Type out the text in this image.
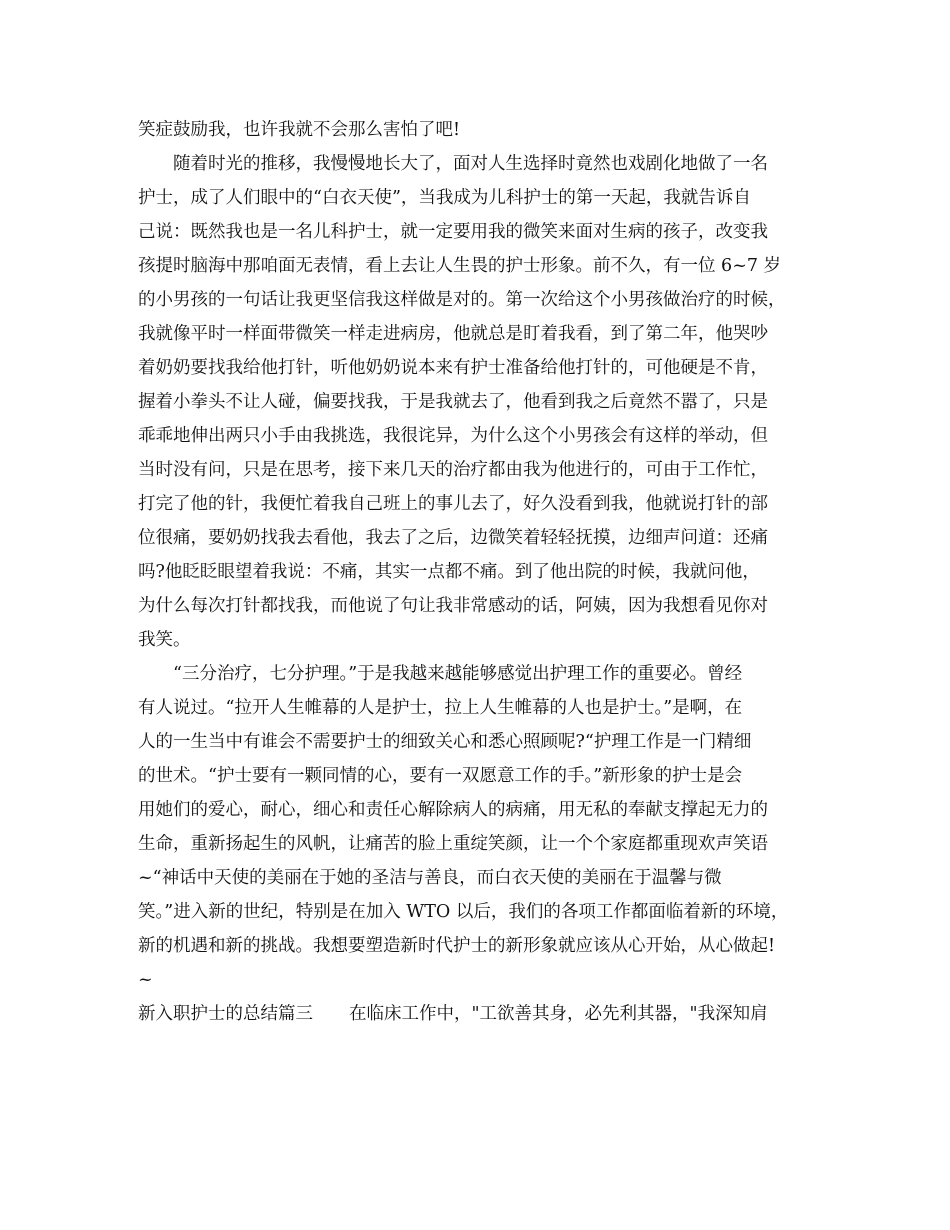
笑症鼓励我，也许我就不会那么害怕了吧!
随着时光的推移，我慢慢地长大了，面对人生选择时竟然也戏剧化地做了一名
护士，成了人们眼中的“白衣天使”，当我成为儿科护士的第一天起，我就告诉自
己说：既然我也是一名儿科护士，就一定要用我的微笑来面对生病的孩子，改变我
孩提时脑海中那咱面无表情，看上去让人生畏的护士形象。前不久，有一位 6~7 岁
的小男孩的一句话让我更坚信我这样做是对的。第一次给这个小男孩做治疗的时候，
我就像平时一样面带微笑一样走进病房，他就总是盯着我看，到了第二年，他哭吵
着奶奶要找我给他打针，听他奶奶说本来有护士准备给他打针的，可他硬是不肯，
握着小拳头不让人碰，偏要找我，于是我就去了，他看到我之后竟然不嚣了，只是
乖乖地伸出两只小手由我挑选，我很诧异，为什么这个小男孩会有这样的举动，但
当时没有问，只是在思考，接下来几天的治疗都由我为他进行的，可由于工作忙，
打完了他的针，我便忙着我自己班上的事儿去了，好久没看到我，他就说打针的部
位很痛，要奶奶找我去看他，我去了之后，边微笑着轻轻抚摸，边细声问道：还痛
吗?他眨眨眼望着我说：不痛，其实一点都不痛。到了他出院的时候，我就问他，
为什么每次打针都找我，而他说了句让我非常感动的话，阿姨，因为我想看见你对
我笑。
“三分治疗，七分护理。”于是我越来越能够感觉出护理工作的重要必。曾经
有人说过。“拉开人生帷幕的人是护士，拉上人生帷幕的人也是护士。”是啊，在
人的一生当中有谁会不需要护士的细致关心和悉心照顾呢?“护理工作是一门精细
的世术。“护士要有一颗同情的心，要有一双愿意工作的手。”新形象的护士是会
用她们的爱心，耐心，细心和责任心解除病人的病痛，用无私的奉献支撑起无力的
生命，重新扬起生的风帆，让痛苦的脸上重绽笑颜，让一个个家庭都重现欢声笑语
~“神话中天使的美丽在于她的圣洁与善良，而白衣天使的美丽在于温馨与微
笑。”进入新的世纪，特别是在加入 WTO 以后，我们的各项工作都面临着新的环境，
新的机遇和新的挑战。我想要塑造新时代护士的新形象就应该从心开始，从心做起!
~
新入职护士的总结篇三 在临床工作中，"工欲善其身，必先利其器，"我深知肩
